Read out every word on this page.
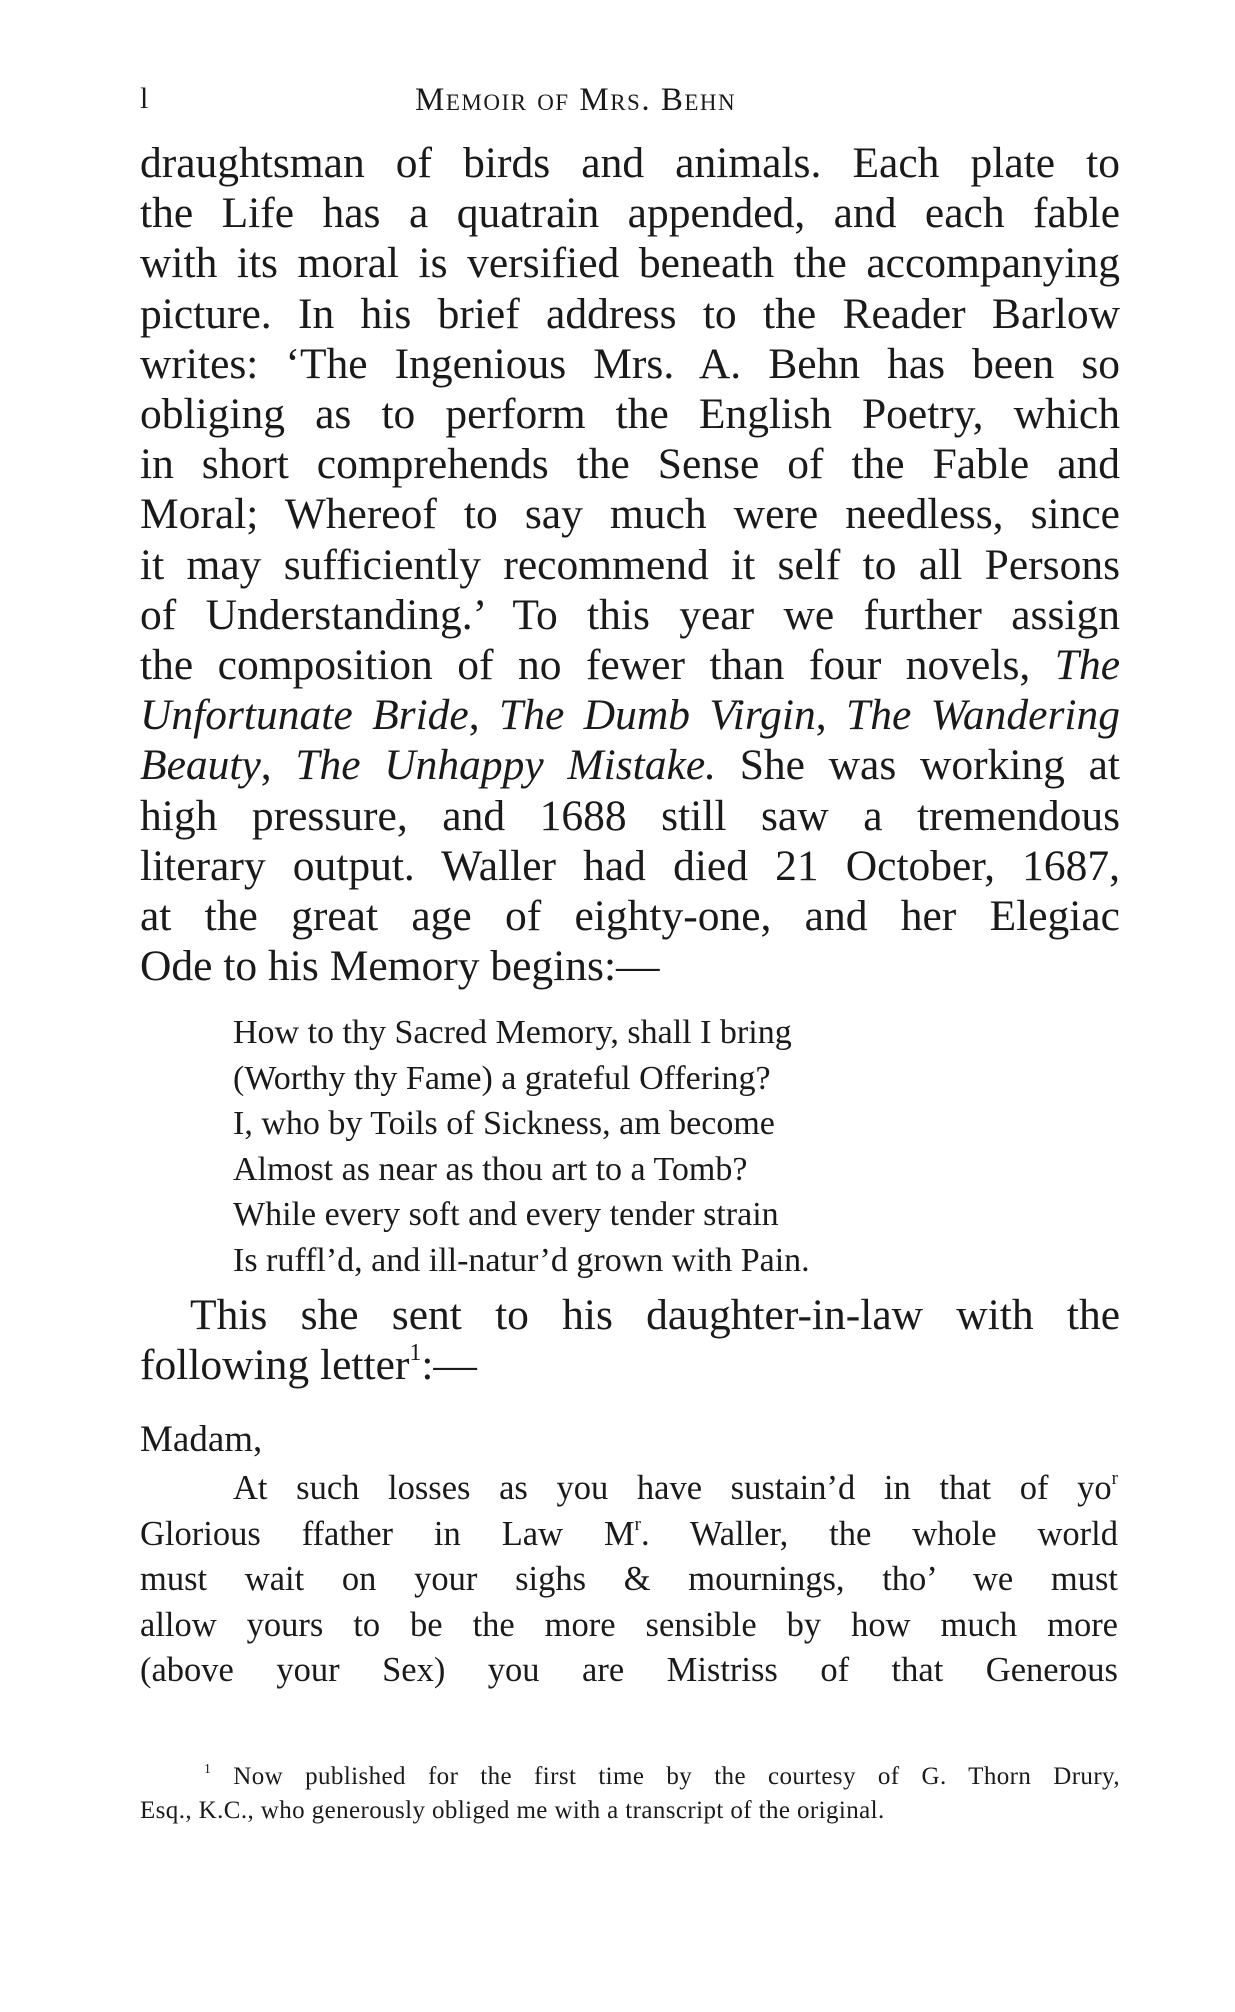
l	Memoir of Mrs. Behn
draughtsman of birds and animals. Each plate to
the Life has a quatrain appended, and each fable
with its moral is versified beneath the accompanying
picture. In his brief address to the Reader Barlow
writes: ‘The Ingenious Mrs. A. Behn has been so
obliging as to perform the English Poetry, which
in short comprehends the Sense of the Fable and
Moral; Whereof to say much were needless, since
it may sufficiently recommend it self to all Persons
of Understanding.’ To this year we further assign
the composition of no fewer than four novels, The
Unfortunate Bride, The Dumb Virgin, The Wandering
Beauty, The Unhappy Mistake. She was working at
high pressure, and 1688 still saw a tremendous
literary output. Waller had died 21 October, 1687,
at the great age of eighty-one, and her Elegiac
Ode to his Memory begins:—
How to thy Sacred Memory, shall I bring
(Worthy thy Fame) a grateful Offering?
I, who by Toils of Sickness, am become
Almost as near as thou art to a Tomb?
While every soft and every tender strain
Is ruffl’d, and ill-natur’d grown with Pain.
This she sent to his daughter-in-law with the
following letter$^1$:—
Madam,
At such losses as you have sustain’d in that of $yo^r$
Glorious ffather in Law $M^r$. Waller, the whole world
must wait on your sighs & mournings, tho’ we must
allow yours to be the more sensible by how much more
(above your Sex) you are Mistriss of that Generous
$^1$ Now published for the first time by the courtesy of G. Thorn Drury,
Esq., K.C., who generously obliged me with a transcript of the original.
